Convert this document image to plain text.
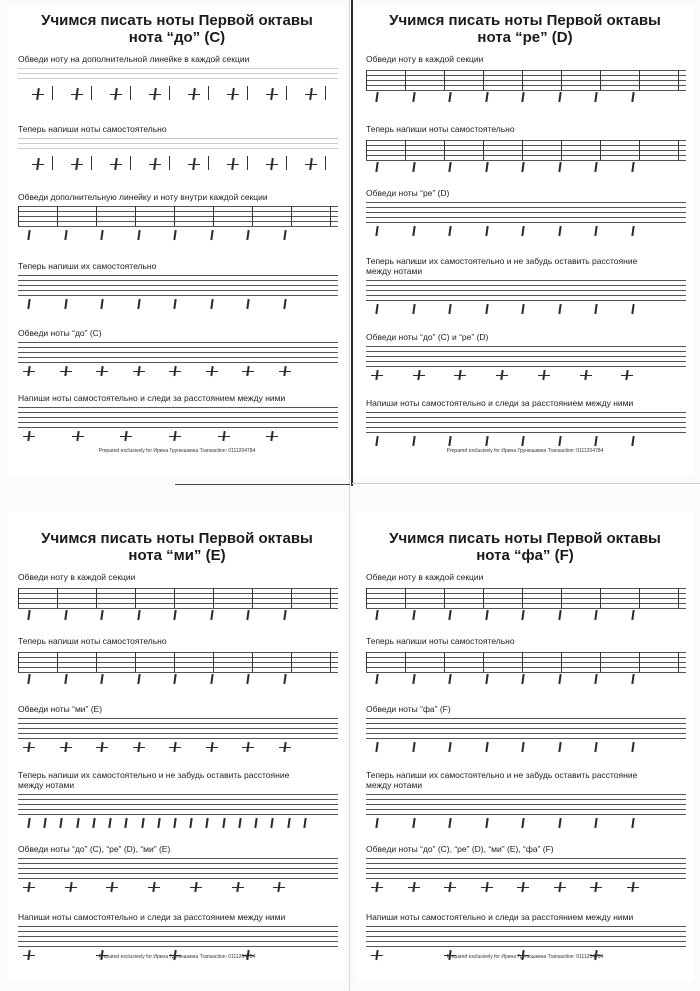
Учимся писать ноты Первой октавы
нота “до” (С)
Обведи ноту на дополнительной линейке в каждой секции
Теперь напиши ноты самостоятельно
Обведи дополнительную линейку и ноту внутри каждой секции
Теперь напиши их самостоятельно
Обведи ноты “до” (С)
Напиши ноты самостоятельно и следи за расстоянием между ними
Prepared exclusively for Ирина Грунюшкина Transaction: 0111204784
Учимся писать ноты Первой октавы
нота “ре” (D)
Обведи ноту в каждой секции
Теперь напиши ноты самостоятельно
Обведи ноты “ре” (D)
Теперь напиши их самостоятельно и не забудь оставить расстояние
между нотами
Обведи ноты “до” (С) и “ре” (D)
Напиши ноты самостоятельно и следи за расстоянием между ними
Prepared exclusively for Ирина Грунюшкина Transaction: 0111204784
Учимся писать ноты Первой октавы
нота “ми” (E)
Обведи ноту в каждой секции
Теперь напиши ноты самостоятельно
Обведи ноты “ми” (E)
Теперь напиши их самостоятельно и не забудь оставить расстояние
между нотами
Обведи ноты “до” (С), “ре” (D), “ми” (E)
Напиши ноты самостоятельно и следи за расстоянием между ними
Prepared exclusively for Ирина Грунюшкина Transaction: 0111204784
Учимся писать ноты Первой октавы
нота “фа” (F)
Обведи ноту в каждой секции
Теперь напиши ноты самостоятельно
Обведи ноты “фа” (F)
Теперь напиши их самостоятельно и не забудь оставить расстояние
между нотами
Обведи ноты “до” (С), “ре” (D), “ми” (E), “фа” (F)
Напиши ноты самостоятельно и следи за расстоянием между ними
Prepared exclusively for Ирина Грунюшкина Transaction: 0111204784
